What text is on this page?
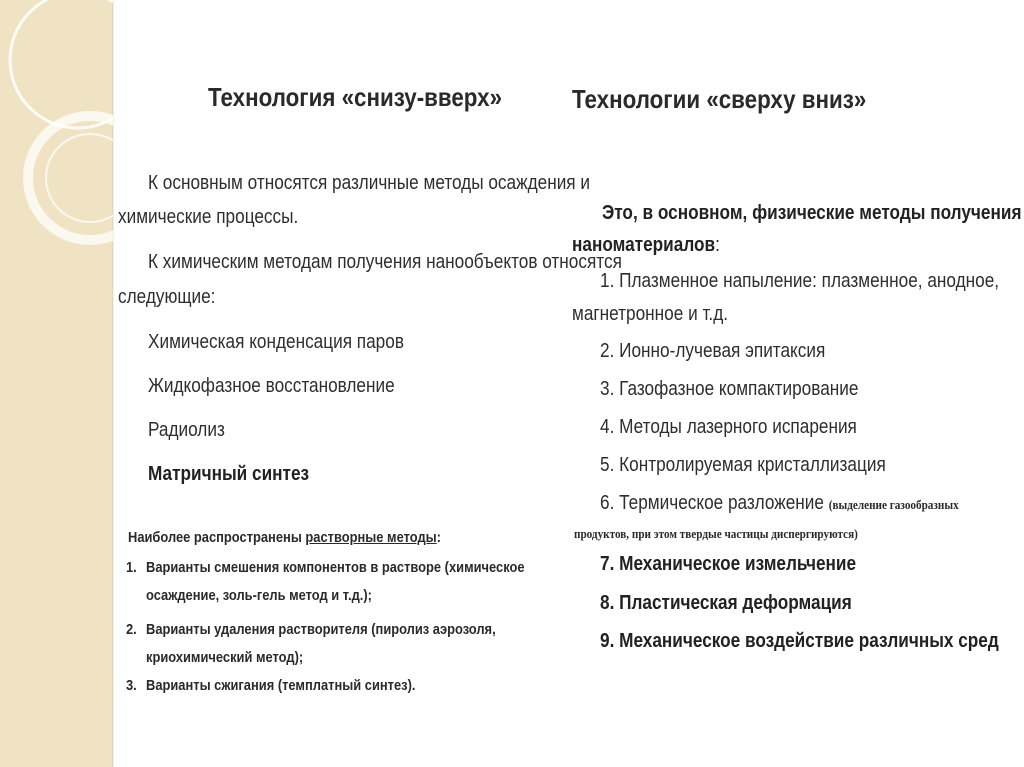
Технология «снизу-вверх»
К основным относятся различные методы осаждения и
химические процессы.
К химическим методам получения нанообъектов относятся
следующие:
Химическая конденсация паров
Жидкофазное восстановление
Радиолиз
Матричный синтез
Наиболее распространены растворные методы:
1. Варианты смешения компонентов в растворе (химическое
осаждение, золь-гель метод и т.д.);
2. Варианты удаления растворителя (пиролиз аэрозоля,
криохимический метод);
3. Варианты сжигания (темплатный синтез).
Технологии «сверху вниз»
Это, в основном, физические методы получения
наноматериалов:
1. Плазменное напыление: плазменное, анодное,
магнетронное и т.д.
2. Ионно-лучевая эпитаксия
3. Газофазное компактирование
4. Методы лазерного испарения
5. Контролируемая кристаллизация
6. Термическое разложение (выделение газообразных
продуктов, при этом твердые частицы диспергируются)
7. Механическое измельчение
8. Пластическая деформация
9. Механическое воздействие различных сред
